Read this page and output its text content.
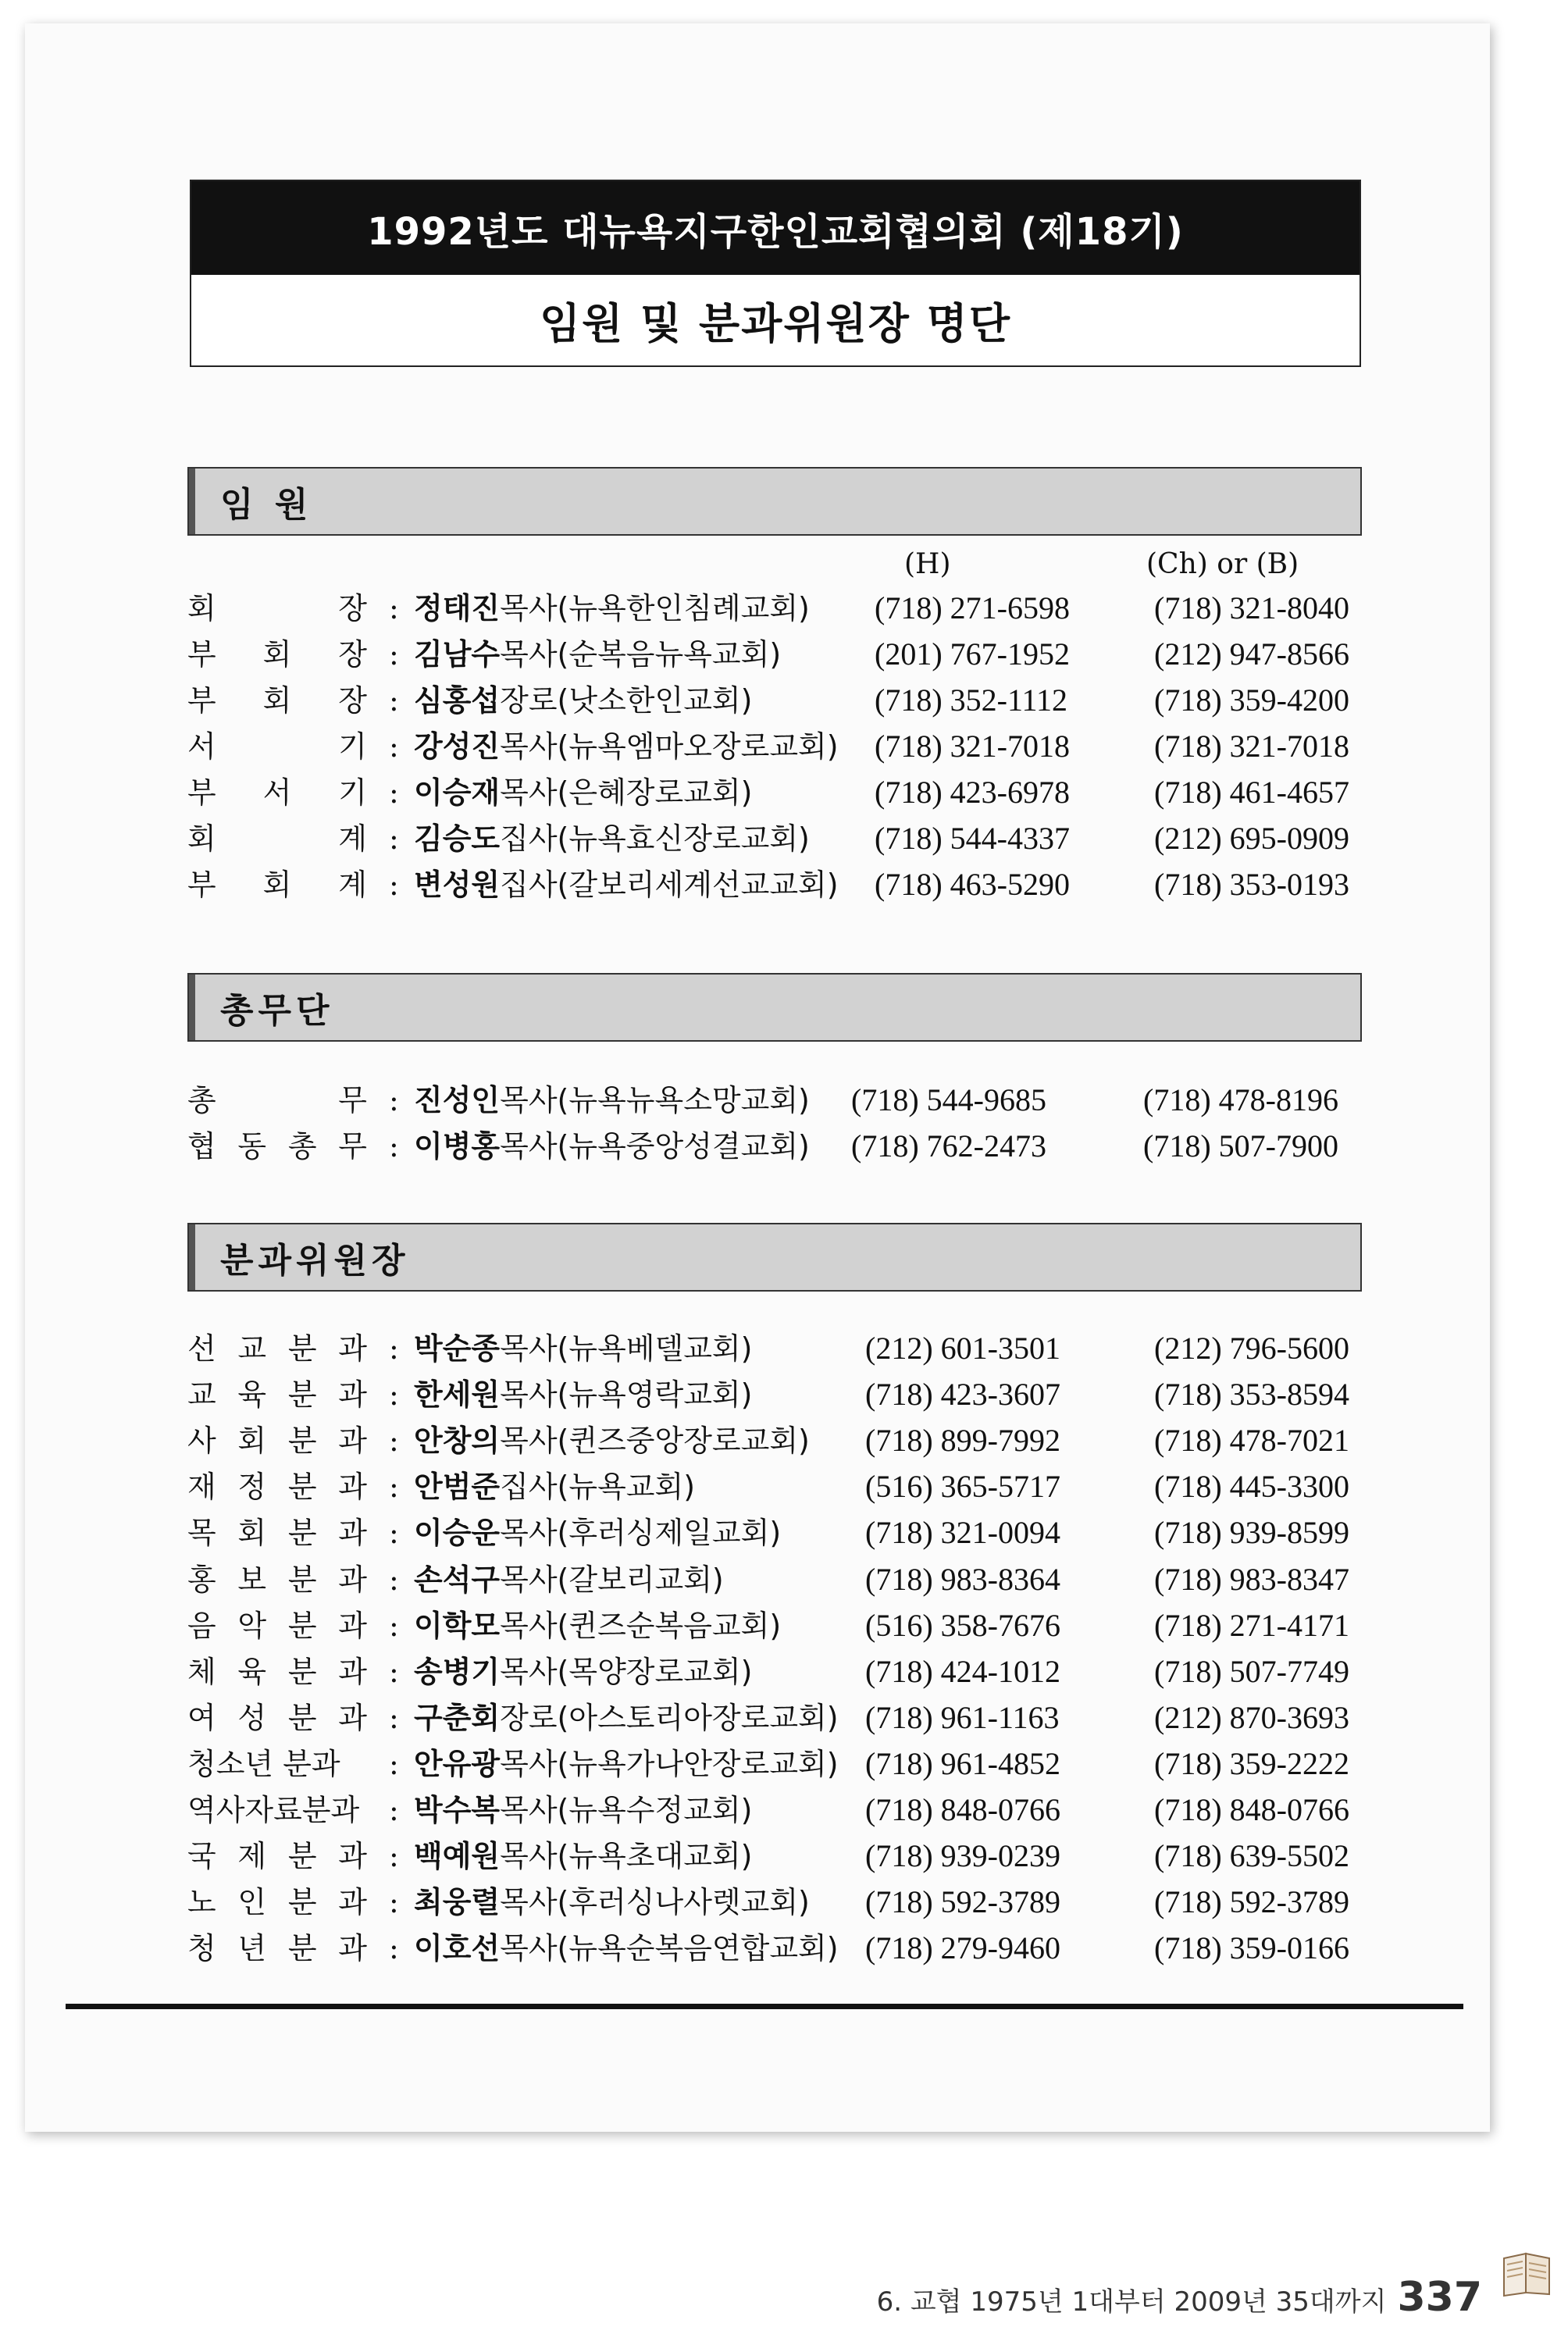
1992년도 대뉴욕지구한인교회협의회 (제18기)
임원 및 분과위원장 명단
임 원
(H)	(Ch) or (B)
총무단
분과위원장
회	장 : 정태진목사(뉴욕한인침례교회) (718) 271-6598	(718) 321-8040
부 회 장 : 김남수목사(순복음뉴욕교회)	(201) 767-1952	(212) 947-8566
부 회 장 : 심홍섭장로(낫소한인교회)	(718) 352-1112	(718) 359-4200
서	기 : 강성진목사(뉴욕엠마오장로교회) (718) 321-7018	(718) 321-7018
부 서 기 : 이승재목사(은혜장로교회)	(718) 423-6978	(718) 461-4657
회	계 : 김승도집사(뉴욕효신장로교회) (718) 544-4337	(212) 695-0909
부 회 계 : 변성원집사(갈보리세계선교교회) (718) 463-5290	(718) 353-0193
총	무 : 진성인목사(뉴욕뉴욕소망교회) (718) 544-9685	(718) 478-8196
협 동 총 무 : 이병홍목사(뉴욕중앙성결교회) (718) 762-2473	(718) 507-7900
선 교 분 과 : 박순종목사(뉴욕베델교회)	(212) 601-3501	(212) 796-5600
교 육 분 과 : 한세원목사(뉴욕영락교회)	(718) 423-3607	(718) 353-8594
사 회 분 과 : 안창의목사(퀸즈중앙장로교회) (718) 899-7992	(718) 478-7021
재 정 분 과 : 안범준집사(뉴욕교회)	(516) 365-5717	(718) 445-3300
목 회 분 과 : 이승운목사(후러싱제일교회)	(718) 321-0094	(718) 939-8599
홍 보 분 과 : 손석구목사(갈보리교회)	(718) 983-8364	(718) 983-8347
음 악 분 과 : 이학모목사(퀸즈순복음교회)	(516) 358-7676	(718) 271-4171
체 육 분 과 : 송병기목사(목양장로교회)	(718) 424-1012	(718) 507-7749
여 성 분 과 : 구춘회장로(아스토리아장로교회) (718) 961-1163	(212) 870-3693
청소년 분과	: 안유광목사(뉴욕가나안장로교회) (718) 961-4852	(718) 359-2222
역사자료분과 : 박수복목사(뉴욕수정교회)	(718) 848-0766	(718) 848-0766
국 제 분 과 : 백예원목사(뉴욕초대교회)	(718) 939-0239	(718) 639-5502
노 인 분 과 : 최웅렬목사(후러싱나사렛교회) (718) 592-3789	(718) 592-3789
청 년 분 과 : 이호선목사(뉴욕순복음연합교회) (718) 279-9460	(718) 359-0166
6. 교협 1975년 1대부터 2009년 35대까지 337
